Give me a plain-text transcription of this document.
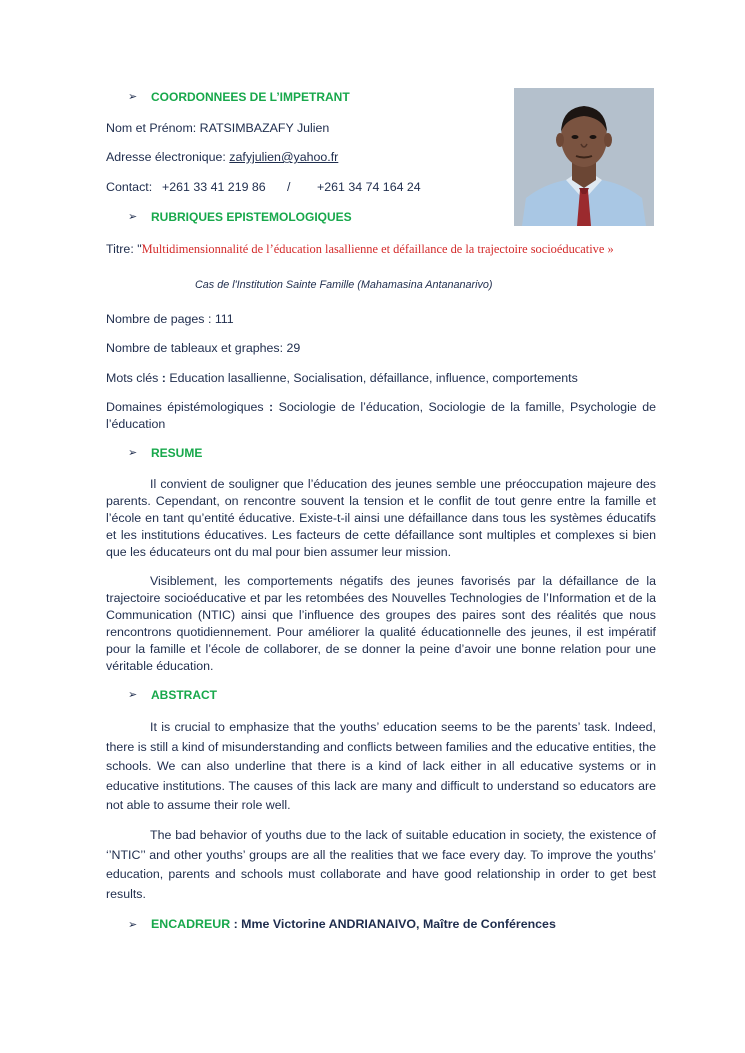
➢ COORDONNEES DE L’IMPETRANT
Nom et Prénom: RATSIMBAZAFY Julien
Adresse électronique: zafyjulien@yahoo.fr
Contact: +261 33 41 219 86 / +261 34 74 164 24
➢ RUBRIQUES EPISTEMOLOGIQUES
Titre: "Multidimensionnalité de l’éducation lasallienne et défaillance de la trajectoire socioéducative »
Cas de l'Institution Sainte Famille (Mahamasina Antananarivo)
Nombre de pages : 111
Nombre de tableaux et graphes: 29
Mots clés : Education lasallienne, Socialisation, défaillance, influence, comportements
Domaines épistémologiques : Sociologie de l’éducation, Sociologie de la famille, Psychologie de l’éducation
➢ RESUME
Il convient de souligner que l’éducation des jeunes semble une préoccupation majeure des parents. Cependant, on rencontre souvent la tension et le conflit de tout genre entre la famille et l’école en tant qu’entité éducative. Existe-t-il ainsi une défaillance dans tous les systèmes éducatifs et les institutions éducatives. Les facteurs de cette défaillance sont multiples et complexes si bien que les éducateurs ont du mal pour bien assumer leur mission.
Visiblement, les comportements négatifs des jeunes favorisés par la défaillance de la trajectoire socioéducative et par les retombées des Nouvelles Technologies de l’Information et de la Communication (NTIC) ainsi que l’influence des groupes des paires sont des réalités que nous rencontrons quotidiennement. Pour améliorer la qualité éducationnelle des jeunes, il est impératif pour la famille et l’école de collaborer, de se donner la peine d’avoir une bonne relation pour une véritable éducation.
➢ ABSTRACT
It is crucial to emphasize that the youths’ education seems to be the parents’ task. Indeed, there is still a kind of misunderstanding and conflicts between families and the educative entities, the schools. We can also underline that there is a kind of lack either in all educative systems or in educative institutions. The causes of this lack are many and difficult to understand so educators are not able to assume their role well.
The bad behavior of youths due to the lack of suitable education in society, the existence of ‘’NTIC’’ and other youths’ groups are all the realities that we face every day. To improve the youths’ education, parents and schools must collaborate and have good relationship in order to get best results.
➢ ENCADREUR : Mme Victorine ANDRIANAIVO, Maître de Conférences
